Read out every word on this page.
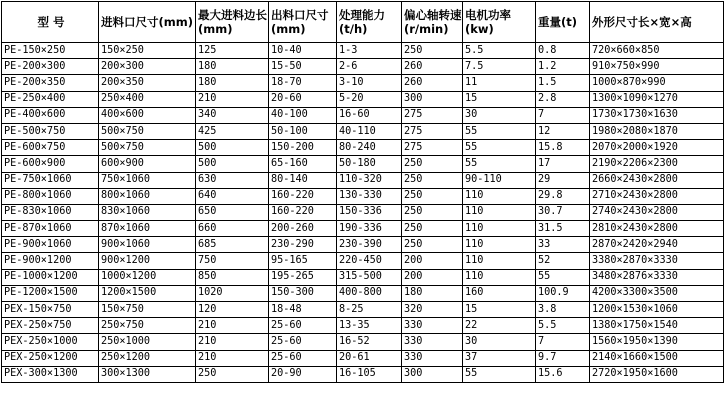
型 号	进料口尺寸(mm)	最大进料边长(mm)	出料口尺寸(mm)	处理能力(t/h)	偏心轴转速(r/min)	电机功率(kw)	重量(t)	外形尺寸长×宽×高
PE-150×250	150×250	125	10-40	1-3	250	5.5	0.8	720×660×850
PE-200×300	200×300	180	15-50	2-6	260	7.5	1.2	910×750×990
PE-200×350	200×350	180	18-70	3-10	260	11	1.5	1000×870×990
PE-250×400	250×400	210	20-60	5-20	300	15	2.8	1300×1090×1270
PE-400×600	400×600	340	40-100	16-60	275	30	7	1730×1730×1630
PE-500×750	500×750	425	50-100	40-110	275	55	12	1980×2080×1870
PE-600×750	500×750	500	150-200	80-240	275	55	15.8	2070×2000×1920
PE-600×900	600×900	500	65-160	50-180	250	55	17	2190×2206×2300
PE-750×1060	750×1060	630	80-140	110-320	250	90-110	29	2660×2430×2800
PE-800×1060	800×1060	640	160-220	130-330	250	110	29.8	2710×2430×2800
PE-830×1060	830×1060	650	160-220	150-336	250	110	30.7	2740×2430×2800
PE-870×1060	870×1060	660	200-260	190-336	250	110	31.5	2810×2430×2800
PE-900×1060	900×1060	685	230-290	230-390	250	110	33	2870×2420×2940
PE-900×1200	900×1200	750	95-165	220-450	200	110	52	3380×2870×3330
PE-1000×1200	1000×1200	850	195-265	315-500	200	110	55	3480×2876×3330
PE-1200×1500	1200×1500	1020	150-300	400-800	180	160	100.9	4200×3300×3500
PEX-150×750	150×750	120	18-48	8-25	320	15	3.8	1200×1530×1060
PEX-250×750	250×750	210	25-60	13-35	330	22	5.5	1380×1750×1540
PEX-250×1000	250×1000	210	25-60	16-52	330	30	7	1560×1950×1390
PEX-250×1200	250×1200	210	25-60	20-61	330	37	9.7	2140×1660×1500
PEX-300×1300	300×1300	250	20-90	16-105	300	55	15.6	2720×1950×1600
